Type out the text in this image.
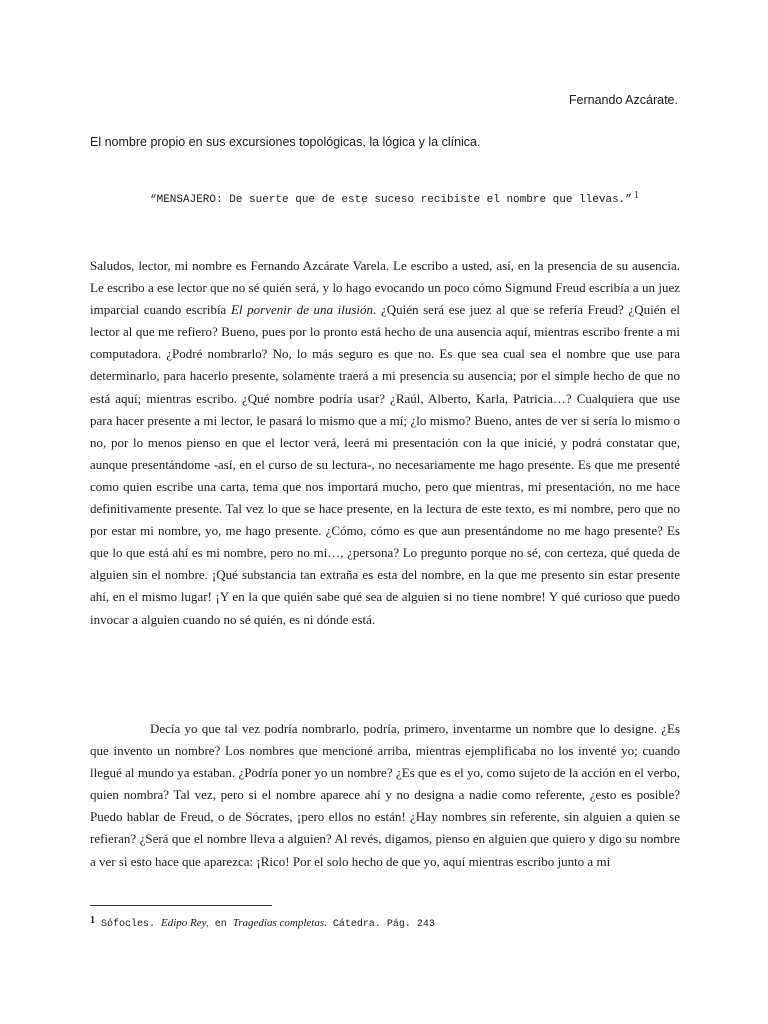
Fernando Azcárate.

El nombre propio en sus excursiones topológicas, la lógica y la clínica.

“MENSAJERO: De suerte que de este suceso recibiste el nombre que llevas.” $^1$

Saludos, lector, mi nombre es Fernando Azcárate Varela. Le escribo a usted, así, en la presencia de su ausencia. Le escribo a ese lector que no sé quién será, y lo hago evocando un poco cómo Sigmund Freud escribía a un juez imparcial cuando escribía El porvenir de una ilusión. ¿Quién será ese juez al que se refería Freud? ¿Quién el lector al que me refiero? Bueno, pues por lo pronto está hecho de una ausencia aquí, mientras escribo frente a mi computadora. ¿Podré nombrarlo? No, lo más seguro es que no. Es que sea cual sea el nombre que use para determinarlo, para hacerlo presente, solamente traerá a mi presencia su ausencia; por el simple hecho de que no está aquí; mientras escribo. ¿Qué nombre podría usar? ¿Raúl, Alberto, Karla, Patricia…? Cualquiera que use para hacer presente a mi lector, le pasará lo mismo que a mí; ¿lo mismo? Bueno, antes de ver si sería lo mismo o no, por lo menos pienso en que el lector verá, leerá mi presentación con la que inicié, y podrá constatar que, aunque presentándome -así, en el curso de su lectura-, no necesariamente me hago presente. Es que me presenté como quien escribe una carta, tema que nos importará mucho, pero que mientras, mi presentación, no me hace definitivamente presente. Tal vez lo que se hace presente, en la lectura de este texto, es mi nombre, pero que no por estar mi nombre, yo, me hago presente. ¿Cómo, cómo es que aun presentándome no me hago presente? Es que lo que está ahí es mi nombre, pero no mi…, ¿persona? Lo pregunto porque no sé, con certeza, qué queda de alguien sin el nombre. ¡Qué substancia tan extraña es esta del nombre, en la que me presento sin estar presente ahí, en el mismo lugar! ¡Y en la que quién sabe qué sea de alguien si no tiene nombre! Y qué curioso que puedo invocar a alguien cuando no sé quién, es ni dónde está.

Decía yo que tal vez podría nombrarlo, podría, primero, inventarme un nombre que lo designe. ¿Es que invento un nombre? Los nombres que mencioné arriba, mientras ejemplificaba no los inventé yo; cuando llegué al mundo ya estaban. ¿Podría poner yo un nombre? ¿Es que es el yo, como sujeto de la acción en el verbo, quien nombra? Tal vez, pero si el nombre aparece ahí y no designa a nadie como referente, ¿esto es posible? Puedo hablar de Freud, o de Sócrates, ¡pero ellos no están! ¿Hay nombres sin referente, sin alguien a quien se refieran? ¿Será que el nombre lleva a alguien? Al revés, digamos, pienso en alguien que quiero y digo su nombre a ver si esto hace que aparezca: ¡Rico! Por el solo hecho de que yo, aquí mientras escribo junto a mi

1 Sófocles. Edipo Rey, en Tragedias completas. Cátedra. Pág. 243
